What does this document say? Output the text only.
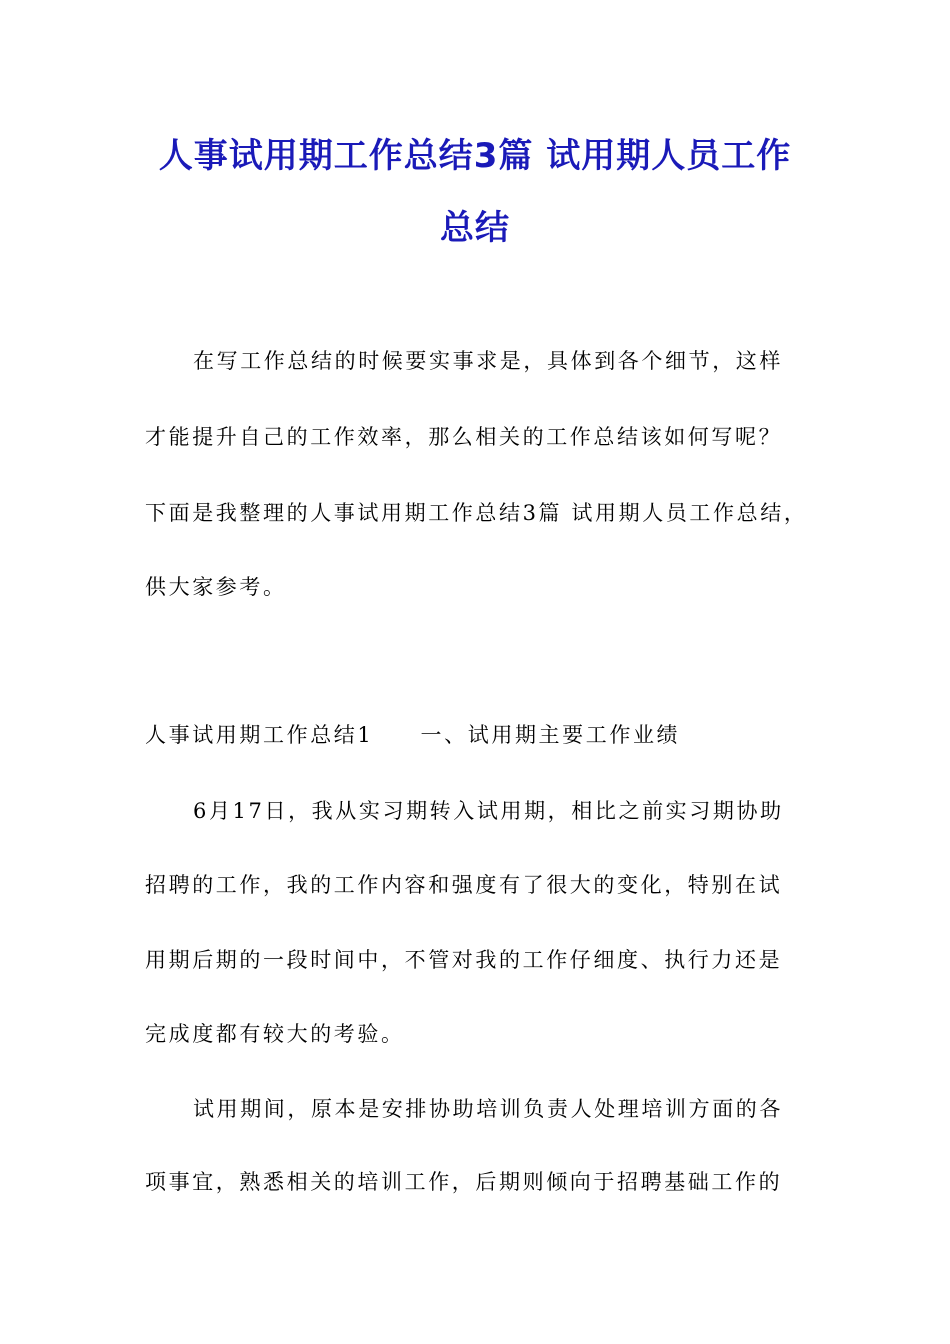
人事试用期工作总结3篇 试用期人员工作
总结
在写工作总结的时候要实事求是，具体到各个细节，这样
才能提升自己的工作效率，那么相关的工作总结该如何写呢？
下面是我整理的人事试用期工作总结3篇 试用期人员工作总结，
供大家参考。
人事试用期工作总结1　　一、试用期主要工作业绩
6月17日，我从实习期转入试用期，相比之前实习期协助
招聘的工作，我的工作内容和强度有了很大的变化，特别在试
用期后期的一段时间中，不管对我的工作仔细度、执行力还是
完成度都有较大的考验。
试用期间，原本是安排协助培训负责人处理培训方面的各
项事宜，熟悉相关的培训工作，后期则倾向于招聘基础工作的
